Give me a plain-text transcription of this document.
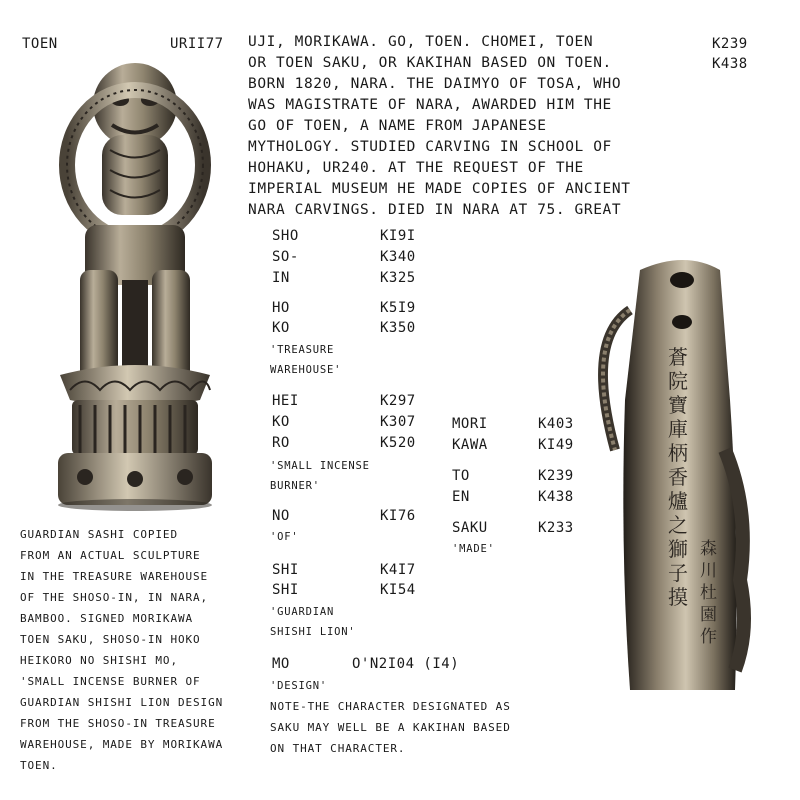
TOEN	URII77	K239
K438
UJI, MORIKAWA. GO, TOEN. CHOMEI, TOEN
OR TOEN SAKU, OR KAKIHAN BASED ON TOEN.
BORN 1820, NARA. THE DAIMYO OF TOSA, WHO
WAS MAGISTRATE OF NARA, AWARDED HIM THE
GO OF TOEN, A NAME FROM JAPANESE
MYTHOLOGY. STUDIED CARVING IN SCHOOL OF
HOHAKU, UR240. AT THE REQUEST OF THE
IMPERIAL MUSEUM HE MADE COPIES OF ANCIENT
NARA CARVINGS. DIED IN NARA AT 75. GREAT
SHO	KI9I
SO-	K340
IN	K325
HO	K5I9
KO	K350
'TREASURE
WAREHOUSE'
HEI	K297
KO	K307
RO	K520
'SMALL INCENSE
BURNER'
NO	KI76
'OF'
SHI	K4I7
SHI	KI54
'GUARDIAN
SHISHI LION'
MO	O'N2I04 (I4)
'DESIGN'
MORI	K403
KAWA	KI49
TO	K239
EN	K438
SAKU	K233
'MADE'
GUARDIAN SASHI COPIED
FROM AN ACTUAL SCULPTURE
IN THE TREASURE WAREHOUSE
OF THE SHOSO-IN, IN NARA,
BAMBOO. SIGNED MORIKAWA
TOEN SAKU, SHOSO-IN HOKO
HEIKORO NO SHISHI MO,
'SMALL INCENSE BURNER OF
GUARDIAN SHISHI LION DESIGN
FROM THE SHOSO-IN TREASURE
WAREHOUSE, MADE BY MORIKAWA
TOEN.
NOTE-THE CHARACTER DESIGNATED AS
SAKU MAY WELL BE A KAKIHAN BASED
ON THAT CHARACTER.
蒼院寶庫柄香爐之獅子摸
森川杜園作
